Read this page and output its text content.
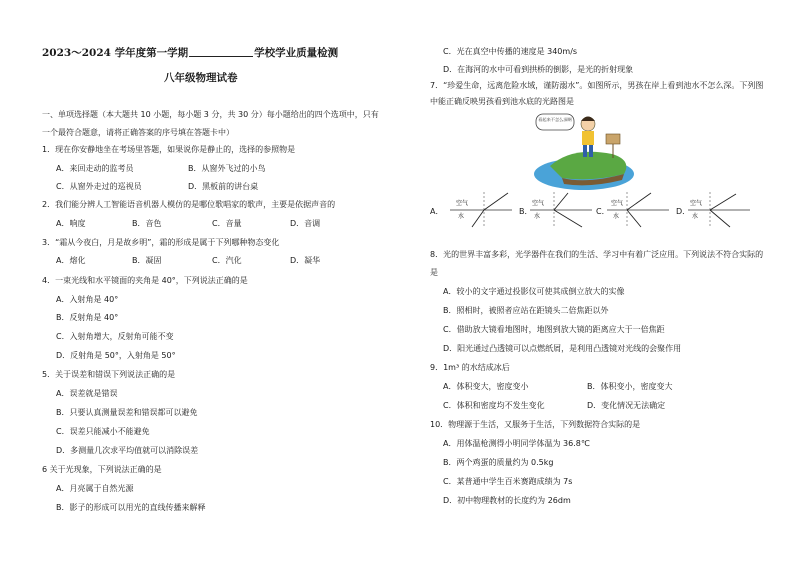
2023～2024 学年度第一学期	学校学业质量检测
八年级物理试卷
一、单项选择题（本大题共 10 小题，每小题 3 分，共 30 分）每小题给出的四个选项中，只有
一个最符合题意，请将正确答案的序号填在答题卡中）
1．现在你安静地坐在考场里答题，如果说你是静止的，选择的参照物是
A．来回走动的监考员	B．从窗外飞过的小鸟
C．从窗外走过的巡视员	D．黑板前的讲台桌
2．我们能分辨人工智能语音机器人模仿的是哪位歌唱家的歌声，主要是依据声音的
A．响度	B．音色	C．音量	D．音调
3．“霜从今夜白，月是故乡明”，霜的形成是属于下列哪种物态变化
A．熔化	B．凝固	C．汽化	D．凝华
4．一束光线和水平镜面的夹角是 40°，下列说法正确的是
A．入射角是 40°
B．反射角是 40°
C．入射角增大，反射角可能不变
D．反射角是 50°，入射角是 50°
5．关于误差和错误下列说法正确的是
A．误差就是错误
B．只要认真测量误差和错误都可以避免
C．误差只能减小不能避免
D．多测量几次求平均值就可以消除误差
6 关于光现象，下列说法正确的是
A．月亮属于自然光源
B．影子的形成可以用光的直线传播来解释
C．光在真空中传播的速度是 340m/s
D．在海河的水中可看到拱桥的倒影，是光的折射现象
7．“珍爱生命，远离危险水域，谨防溺水”。如图所示，男孩在岸上看到池水不怎么深。下列图
中能正确反映男孩看到池水底的光路图是
看起来不怎么深啊
A．
空气
水
B．
空气
水
C．
空气
水
D．
空气
水
8．光的世界丰富多彩，光学器件在我们的生活、学习中有着广泛应用。下列说法不符合实际的
是
A．较小的文字通过投影仪可使其成倒立放大的实像
B．照相时，被照者应站在距镜头二倍焦距以外
C．借助放大镜看地图时，地图到放大镜的距离应大于一倍焦距
D．阳光通过凸透镜可以点燃纸屑，是利用凸透镜对光线的会聚作用
9．1m³ 的水结成冰后
A．体积变大，密度变小	B．体积变小，密度变大
C．体积和密度均不发生变化	D．变化情况无法确定
10．物理源于生活，又服务于生活，下列数据符合实际的是
A．用体温枪测得小明同学体温为 36.8℃
B．两个鸡蛋的质量约为 0.5kg
C．某普通中学生百米赛跑成绩为 7s
D．初中物理教材的长度约为 26dm
